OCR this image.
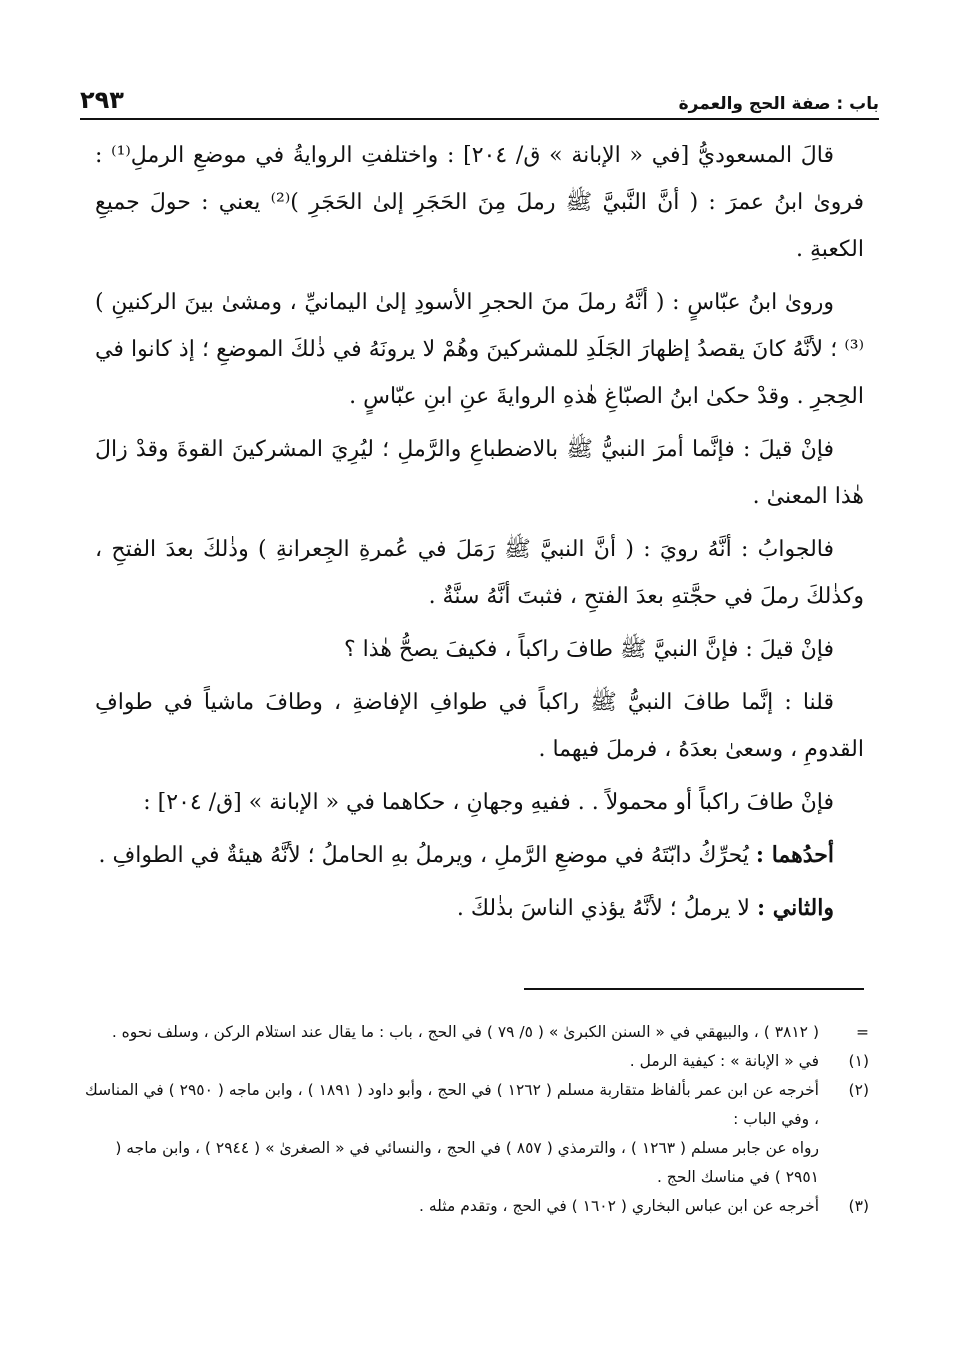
باب : صفة الحج والعمرة
٢٩٣

قالَ المسعوديُّ [في « الإبانة » ق/ ٢٠٤] : واختلفتِ الروايةُ في موضعِ الرملِ⁽¹⁾ : فروىٰ ابنُ عمرَ : ( أنَّ النَّبيَّ ﷺ رملَ مِنَ الحَجَرِ إلىٰ الحَجَرِ )⁽²⁾ يعني : حولَ جميعِ الكعبةِ .

ورویٰ ابنُ عبّاسٍ : ( أنَّهُ رملَ منَ الحجرِ الأسودِ إلىٰ اليمانيِّ ، ومشىٰ بينَ الركنينِ )⁽³⁾ ؛ لأنَّهُ كانَ يقصدُ إظهارَ الجَلَدِ للمشركينَ وهُمْ لا يرونَهُ في ذٰلكَ الموضعِ ؛ إذ كانوا في الحِجرِ . وقدْ حكىٰ ابنُ الصبّاغِ هٰذهِ الروايةَ عنِ ابنِ عبّاسٍ .

فإنْ قيلَ : فإنَّما أمرَ النبيُّ ﷺ بالاضطباعِ والرَّملِ ؛ ليُرِيَ المشركينَ القوةَ وقدْ زالَ هٰذا المعنىٰ .

فالجوابُ : أنَّهُ رويَ : ( أنَّ النبيَّ ﷺ رَمَلَ في عُمرةِ الجِعرانةِ ) وذٰلكَ بعدَ الفتحِ ، وكذٰلكَ رملَ في حجَّتهِ بعدَ الفتحِ ، فثبتَ أنَّهُ سنَّةٌ .

فإنْ قيلَ : فإنَّ النبيَّ ﷺ طافَ راكباً ، فكيفَ يصحُّ هٰذا ؟

قلنا : إنَّما طافَ النبيُّ ﷺ راكباً في طوافِ الإفاضةِ ، وطافَ ماشياً في طوافِ القدومِ ، وسعىٰ بعدَهُ ، فرملَ فيهما .

فإنْ طافَ راكباً أو محمولاً . . ففيهِ وجهانِ ، حكاهما في « الإبانة » [ق/ ٢٠٤] :

أحدُهما : يُحرِّكُ دابّتَهُ في موضعِ الرَّملِ ، ويرملُ بهِ الحاملُ ؛ لأنَّهُ هيئةٌ في الطوافِ .

والثاني : لا يرملُ ؛ لأنَّهُ يؤذي الناسَ بذٰلكَ .

=
( ٣٨١٢ ) ، والبيهقي في « السنن الكبرىٰ » ( ٥/ ٧٩ ) في الحج ، باب : ما يقال عند استلام الركن ، وسلف نحوه .
(١)
في « الإبانة » : كيفية الرمل .
(٢)
أخرجه عن ابن عمر بألفاظ متقاربة مسلم ( ١٢٦٢ ) في الحج ، وأبو داود ( ١٨٩١ ) ، وابن ماجه ( ٢٩٥٠ ) في المناسك ، وفي الباب :
رواه عن جابر مسلم ( ١٢٦٣ ) ، والترمذي ( ٨٥٧ ) في الحج ، والنسائي في « الصغرىٰ » ( ٢٩٤٤ ) ، وابن ماجه ( ٢٩٥١ ) في مناسك الحج .
(٣)
أخرجه عن ابن عباس البخاري ( ١٦٠٢ ) في الحج ، وتقدم مثله .
